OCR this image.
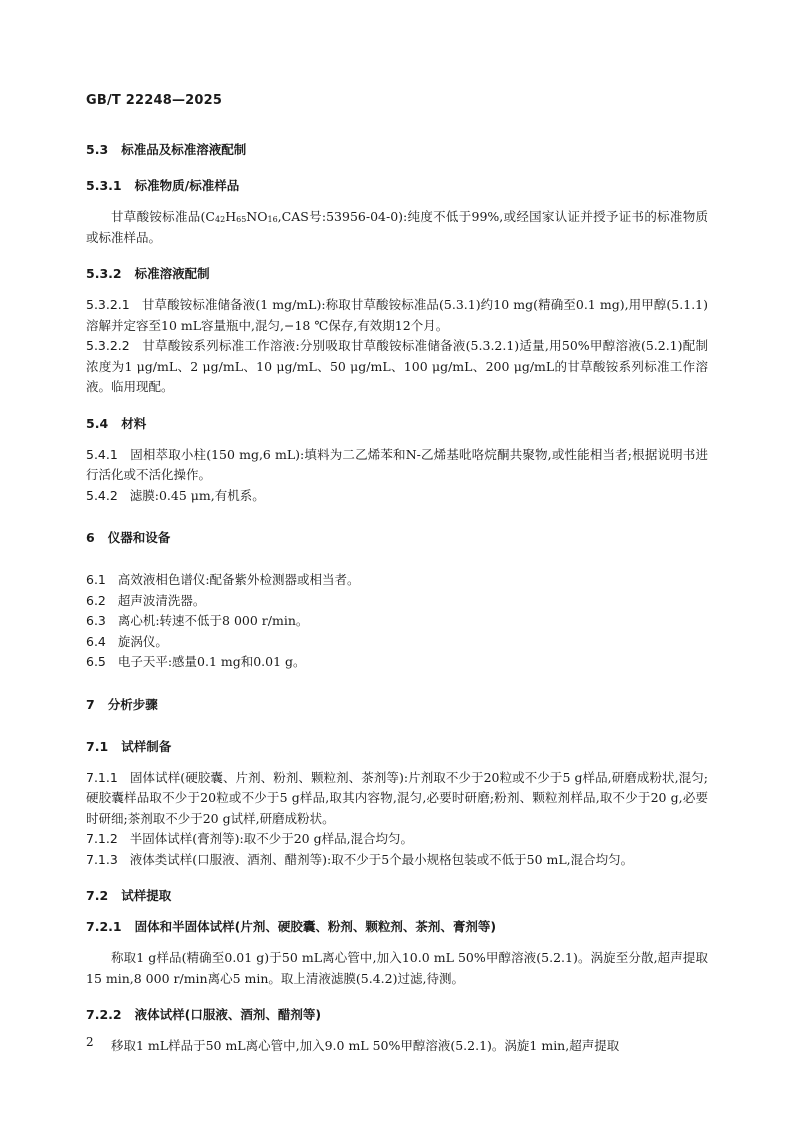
GB/T 22248—2025

5.3 标准品及标准溶液配制

5.3.1 标准物质/标准样品

甘草酸铵标准品($C_{42}H_{65}NO_{16},CAS$号:53956-04-0):纯度不低于99%,或经国家认证并授予证书的标准物质或标准样品。

5.3.2 标准溶液配制

5.3.2.1 甘草酸铵标准储备液(1 mg/mL):称取甘草酸铵标准品(5.3.1)约10 mg(精确至0.1 mg),用甲醇(5.1.1)溶解并定容至10 mL容量瓶中,混匀,−18 ℃保存,有效期12个月。

5.3.2.2 甘草酸铵系列标准工作溶液:分别吸取甘草酸铵标准储备液(5.3.2.1)适量,用50%甲醇溶液(5.2.1)配制浓度为1 μg/mL、2 μg/mL、10 μg/mL、50 μg/mL、100 μg/mL、200 μg/mL的甘草酸铵系列标准工作溶液。临用现配。

5.4 材料

5.4.1 固相萃取小柱(150 mg,6 mL):填料为二乙烯苯和N-乙烯基吡咯烷酮共聚物,或性能相当者;根据说明书进行活化或不活化操作。

5.4.2 滤膜:0.45 μm,有机系。

6 仪器和设备

6.1 高效液相色谱仪:配备紫外检测器或相当者。

6.2 超声波清洗器。

6.3 离心机:转速不低于8 000 r/min。

6.4 旋涡仪。

6.5 电子天平:感量0.1 mg和0.01 g。

7 分析步骤

7.1 试样制备

7.1.1 固体试样(硬胶囊、片剂、粉剂、颗粒剂、茶剂等):片剂取不少于20粒或不少于5 g样品,研磨成粉状,混匀;硬胶囊样品取不少于20粒或不少于5 g样品,取其内容物,混匀,必要时研磨;粉剂、颗粒剂样品,取不少于20 g,必要时研细;茶剂取不少于20 g试样,研磨成粉状。

7.1.2 半固体试样(膏剂等):取不少于20 g样品,混合均匀。

7.1.3 液体类试样(口服液、酒剂、醋剂等):取不少于5个最小规格包装或不低于50 mL,混合均匀。

7.2 试样提取

7.2.1 固体和半固体试样(片剂、硬胶囊、粉剂、颗粒剂、茶剂、膏剂等)

称取1 g样品(精确至0.01 g)于50 mL离心管中,加入10.0 mL 50%甲醇溶液(5.2.1)。涡旋至分散,超声提取15 min,8 000 r/min离心5 min。取上清液滤膜(5.4.2)过滤,待测。

7.2.2 液体试样(口服液、酒剂、醋剂等)

移取1 mL样品于50 mL离心管中,加入9.0 mL 50%甲醇溶液(5.2.1)。涡旋1 min,超声提取

2
